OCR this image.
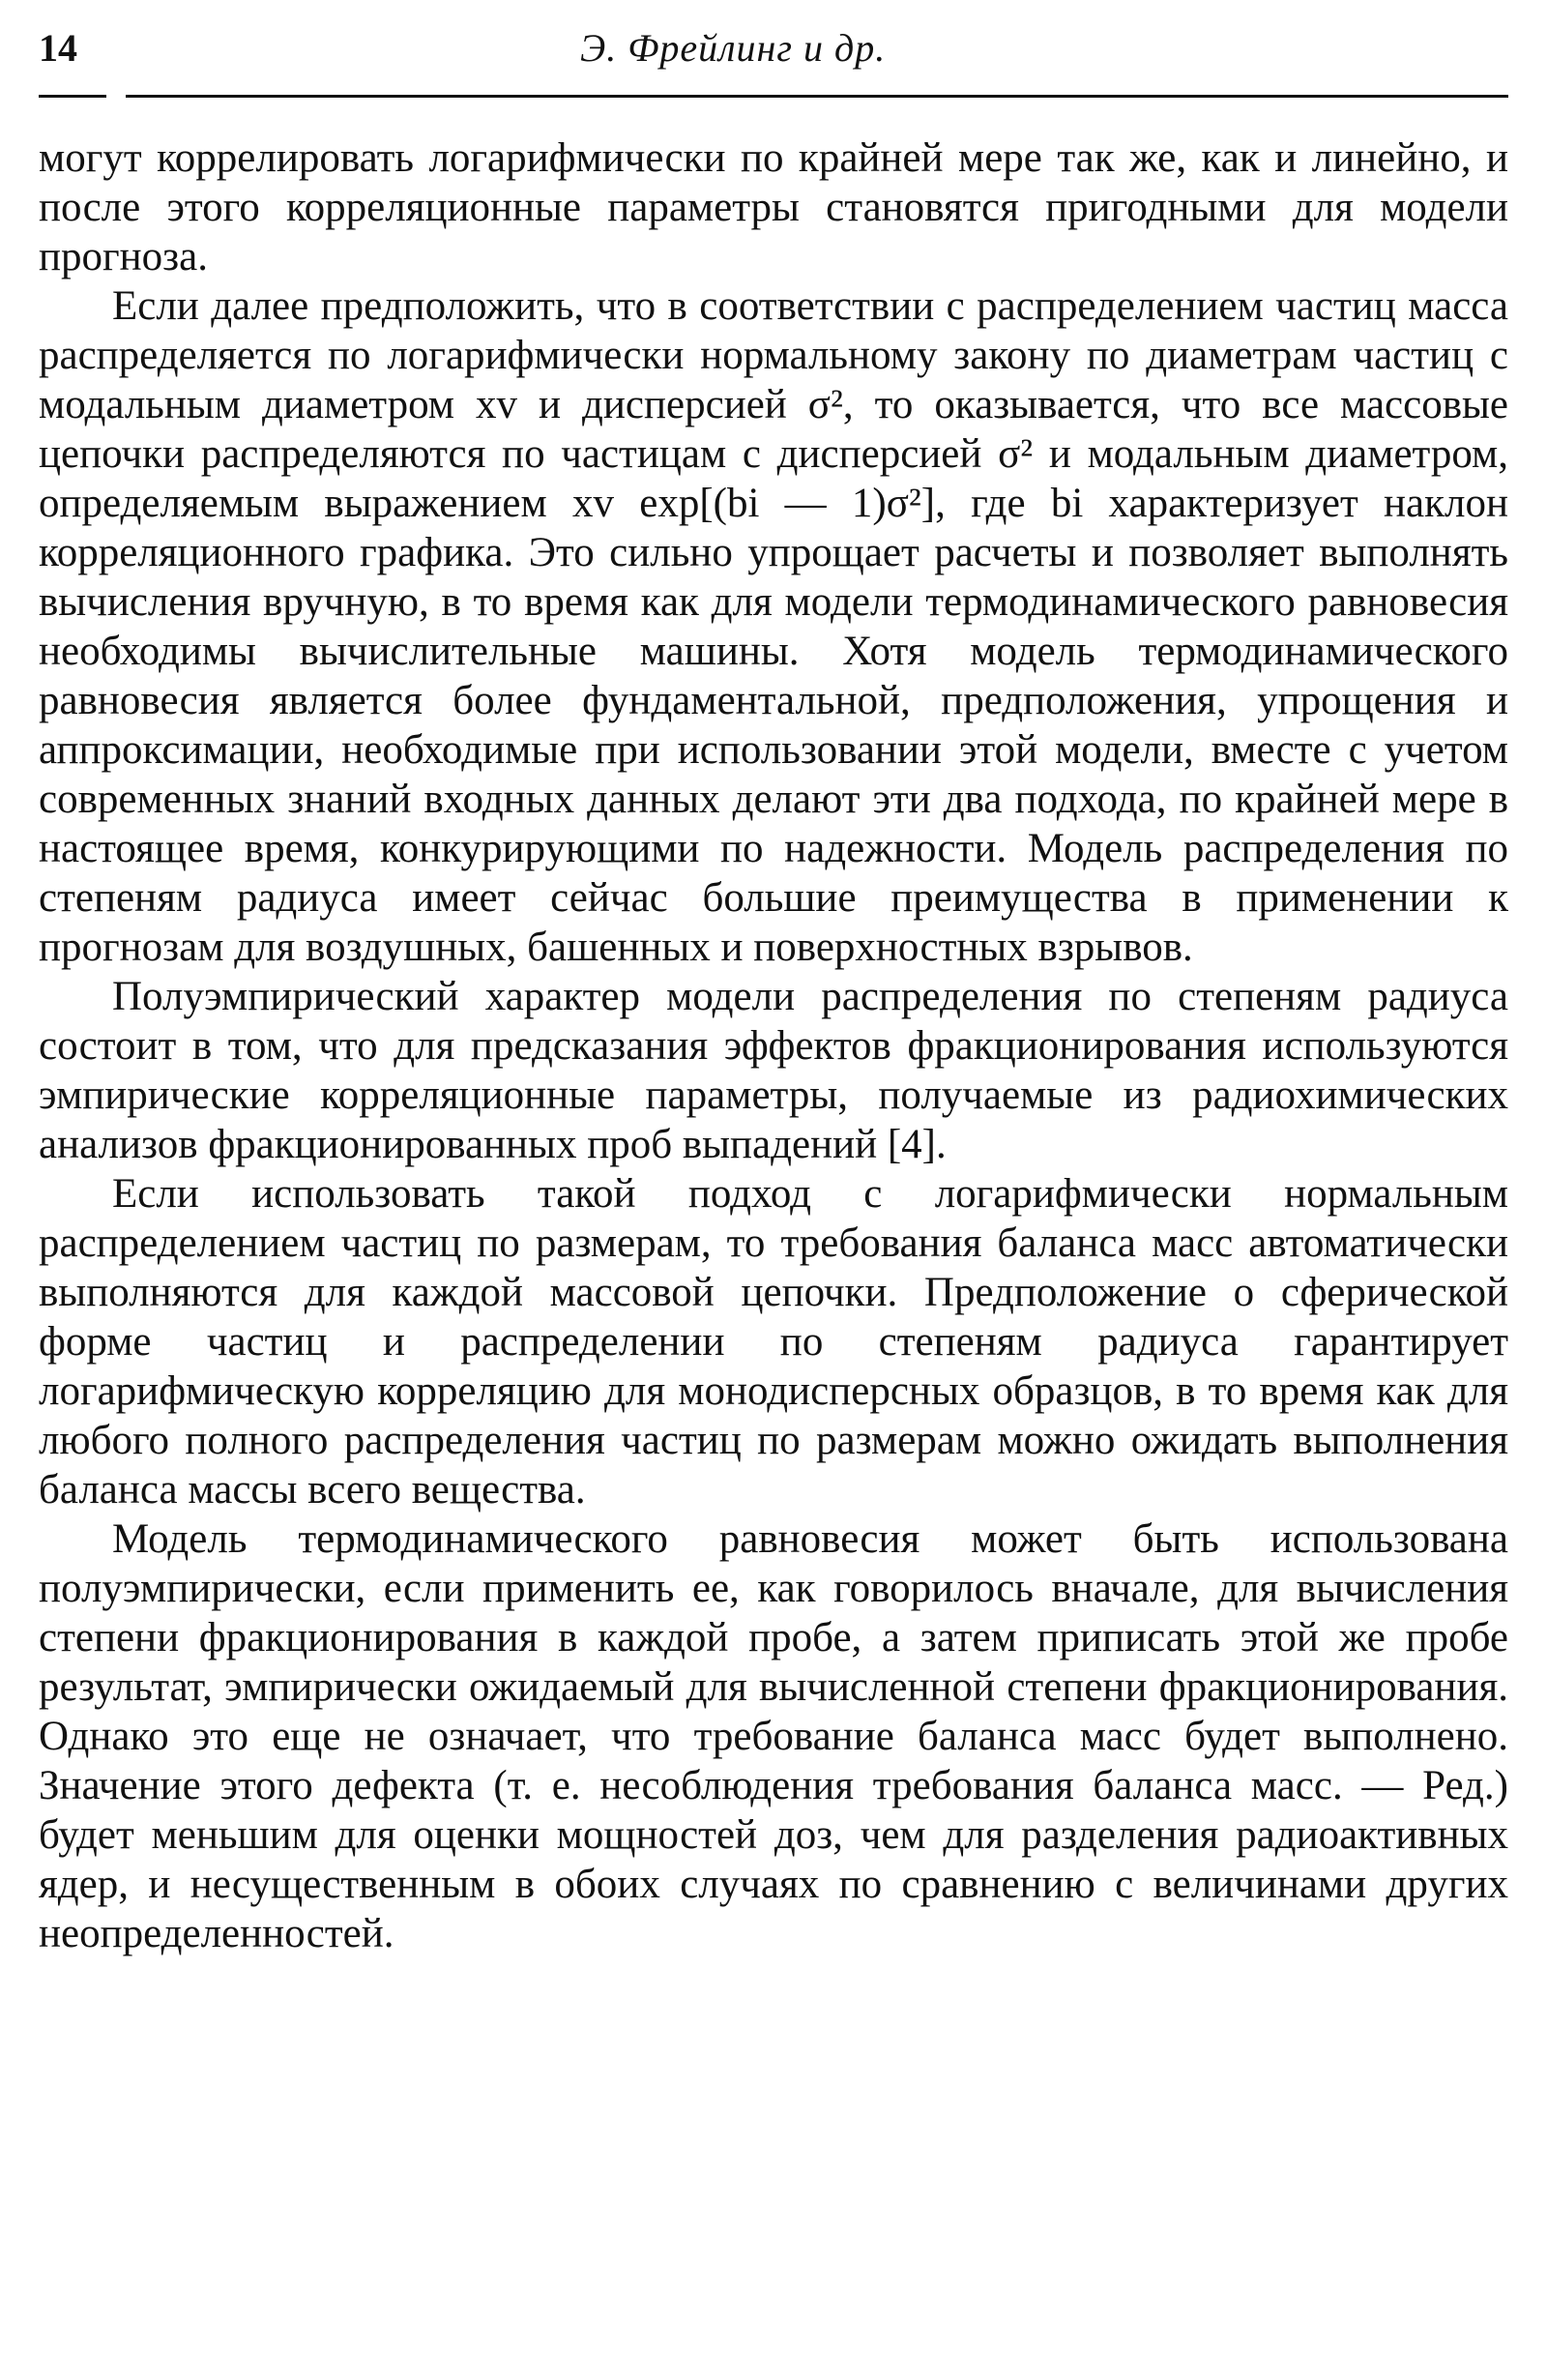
14	Э. Фрейлинг и др.

могут коррелировать логарифмически по крайней мере так же, как и линейно, и после этого корреляционные параметры становятся пригодными для модели прогноза.

Если далее предположить, что в соответствии с распределением частиц масса распределяется по логарифмически нормальному закону по диаметрам частиц с модальным диаметром xv и дисперсией σ², то оказывается, что все массовые цепочки распределяются по частицам с дисперсией σ² и модальным диаметром, определяемым выражением xv exp[(bi — 1)σ²], где bi характеризует наклон корреляционного графика. Это сильно упрощает расчеты и позволяет выполнять вычисления вручную, в то время как для модели термодинамического равновесия необходимы вычислительные машины. Хотя модель термодинамического равновесия является более фундаментальной, предположения, упрощения и аппроксимации, необходимые при использовании этой модели, вместе с учетом современных знаний входных данных делают эти два подхода, по крайней мере в настоящее время, конкурирующими по надежности. Модель распределения по степеням радиуса имеет сейчас большие преимущества в применении к прогнозам для воздушных, башенных и поверхностных взрывов.

Полуэмпирический характер модели распределения по степеням радиуса состоит в том, что для предсказания эффектов фракционирования используются эмпирические корреляционные параметры, получаемые из радиохимических анализов фракционированных проб выпадений [4].

Если использовать такой подход с логарифмически нормальным распределением частиц по размерам, то требования баланса масс автоматически выполняются для каждой массовой цепочки. Предположение о сферической форме частиц и распределении по степеням радиуса гарантирует логарифмическую корреляцию для монодисперсных образцов, в то время как для любого полного распределения частиц по размерам можно ожидать выполнения баланса массы всего вещества.

Модель термодинамического равновесия может быть использована полуэмпирически, если применить ее, как говорилось вначале, для вычисления степени фракционирования в каждой пробе, а затем приписать этой же пробе результат, эмпирически ожидаемый для вычисленной степени фракционирования. Однако это еще не означает, что требование баланса масс будет выполнено. Значение этого дефекта (т. е. несоблюдения требования баланса масс. — Ред.) будет меньшим для оценки мощностей доз, чем для разделения радиоактивных ядер, и несущественным в обоих случаях по сравнению с величинами других неопределенностей.
